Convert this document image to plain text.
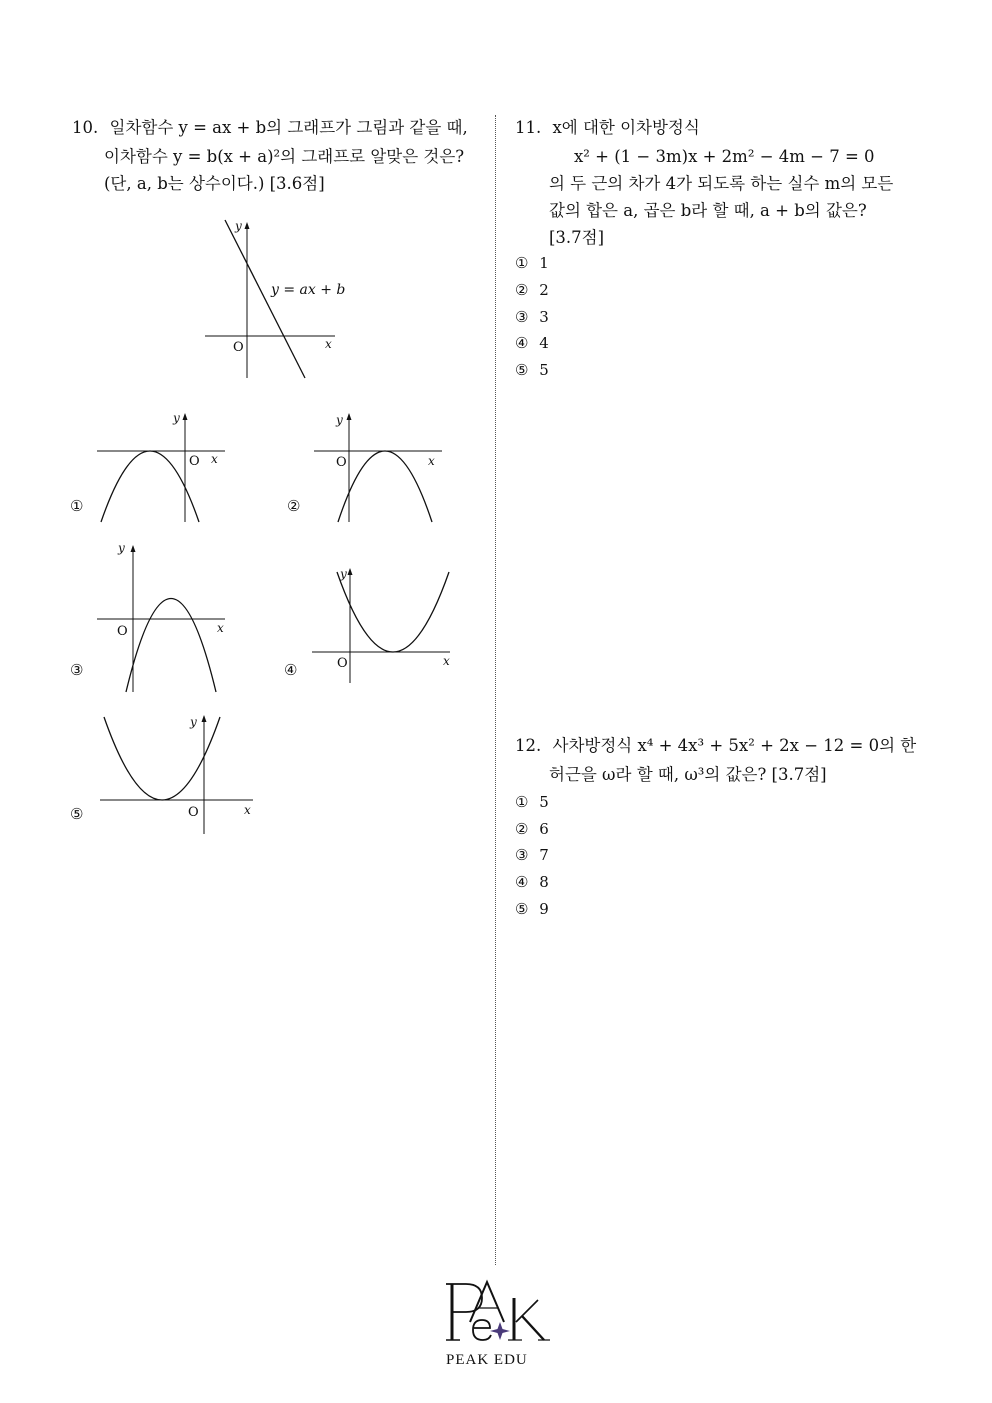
10. 일차함수 y = ax + b의 그래프가 그림과 같을 때,
이차함수 y = b(x + a)²의 그래프로 알맞은 것은?
(단, a, b는 상수이다.) [3.6점]
y
x
O
y = ax + b
①
y
x
O
②
y
x
O
③
y
x
O
④
y
x
O
⑤
y
x
O
11. x에 대한 이차방정식
x² + (1 − 3m)x + 2m² − 4m − 7 = 0
의 두 근의 차가 4가 되도록 하는 실수 m의 모든
값의 합은 a, 곱은 b라 할 때, a + b의 값은?
[3.7점]
① 1
② 2
③ 3
④ 4
⑤ 5
12. 사차방정식 x⁴ + 4x³ + 5x² + 2x − 12 = 0의 한
허근을 ω라 할 때, ω³의 값은? [3.7점]
① 5
② 6
③ 7
④ 8
⑤ 9
PEAK EDU
